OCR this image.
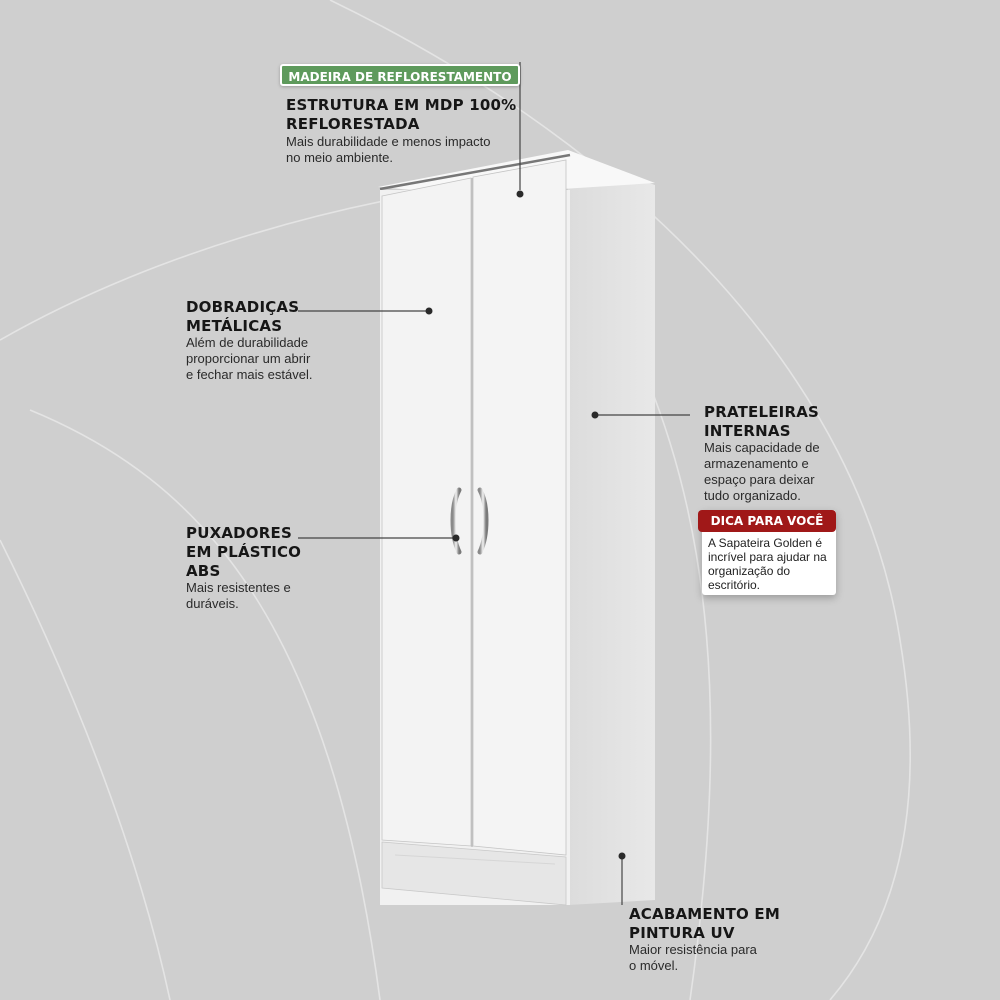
MADEIRA DE REFLORESTAMENTO
ESTRUTURA EM MDP 100%
REFLORESTADA
Mais durabilidade e menos impacto
no meio ambiente.
DOBRADIÇAS
METÁLICAS
Além de durabilidade
proporcionar um abrir
e fechar mais estável.
PUXADORES
EM PLÁSTICO
ABS
Mais resistentes e
duráveis.
PRATELEIRAS
INTERNAS
Mais capacidade de
armazenamento e
espaço para deixar
tudo organizado.
DICA PARA VOCÊ
A Sapateira Golden é
incrível para ajudar na
organização do
escritório.
ACABAMENTO EM
PINTURA UV
Maior resistência para
o móvel.
